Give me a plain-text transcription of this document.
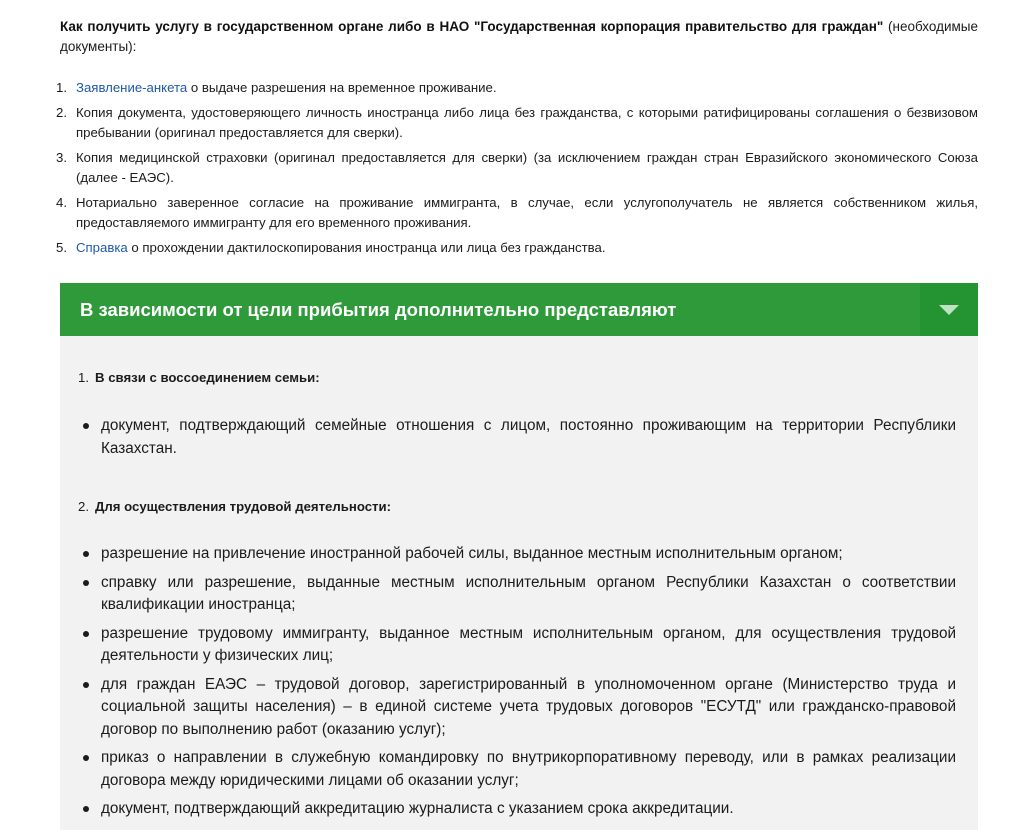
Как получить услугу в государственном органе либо в НАО "Государственная корпорация правительство для граждан" (необходимые документы):
1. Заявление-анкета о выдаче разрешения на временное проживание.
2. Копия документа, удостоверяющего личность иностранца либо лица без гражданства, с которыми ратифицированы соглашения о безвизовом пребывании (оригинал предоставляется для сверки).
3. Копия медицинской страховки (оригинал предоставляется для сверки) (за исключением граждан стран Евразийского экономического Союза (далее - ЕАЭС).
4. Нотариально заверенное согласие на проживание иммигранта, в случае, если услугополучатель не является собственником жилья, предоставляемого иммигранту для его временного проживания.
5. Справка о прохождении дактилоскопирования иностранца или лица без гражданства.
В зависимости от цели прибытия дополнительно представляют
1. В связи с воссоединением семьи:
документ, подтверждающий семейные отношения с лицом, постоянно проживающим на территории Республики Казахстан.
2. Для осуществления трудовой деятельности:
разрешение на привлечение иностранной рабочей силы, выданное местным исполнительным органом;
справку или разрешение, выданные местным исполнительным органом Республики Казахстан о соответствии квалификации иностранца;
разрешение трудовому иммигранту, выданное местным исполнительным органом, для осуществления трудовой деятельности у физических лиц;
для граждан ЕАЭС – трудовой договор, зарегистрированный в уполномоченном органе (Министерство труда и социальной защиты населения) – в единой системе учета трудовых договоров "ЕСУТД" или гражданско-правовой договор по выполнению работ (оказанию услуг);
приказ о направлении в служебную командировку по внутрикорпоративному переводу, или в рамках реализации договора между юридическими лицами об оказании услуг;
документ, подтверждающий аккредитацию журналиста с указанием срока аккредитации.
